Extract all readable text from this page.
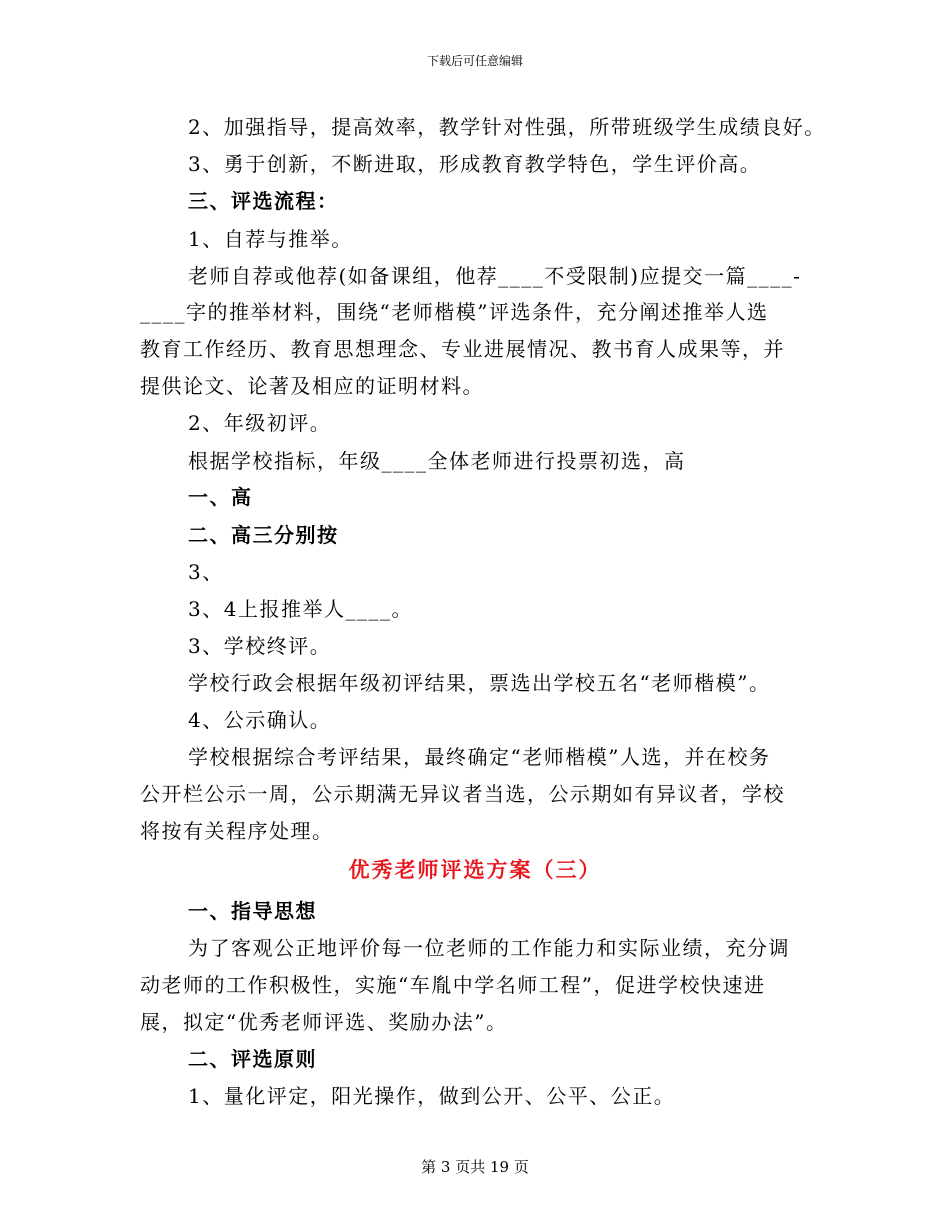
下载后可任意编辑
2、加强指导，提高效率，教学针对性强，所带班级学生成绩良好。
3、勇于创新，不断进取，形成教育教学特色，学生评价高。
三、评选流程：
1、自荐与推举。
老师自荐或他荐(如备课组，他荐____不受限制)应提交一篇____-
____字的推举材料，围绕“老师楷模”评选条件，充分阐述推举人选
教育工作经历、教育思想理念、专业进展情况、教书育人成果等，并
提供论文、论著及相应的证明材料。
2、年级初评。
根据学校指标，年级____全体老师进行投票初选，高
一、高
二、高三分别按
3、
3、4上报推举人____。
3、学校终评。
学校行政会根据年级初评结果，票选出学校五名“老师楷模”。
4、公示确认。
学校根据综合考评结果，最终确定“老师楷模”人选，并在校务
公开栏公示一周，公示期满无异议者当选，公示期如有异议者，学校
将按有关程序处理。
优秀老师评选方案（三）
一、指导思想
为了客观公正地评价每一位老师的工作能力和实际业绩，充分调
动老师的工作积极性，实施“车胤中学名师工程”，促进学校快速进
展，拟定“优秀老师评选、奖励办法”。
二、评选原则
1、量化评定，阳光操作，做到公开、公平、公正。
第 3 页共 19 页
